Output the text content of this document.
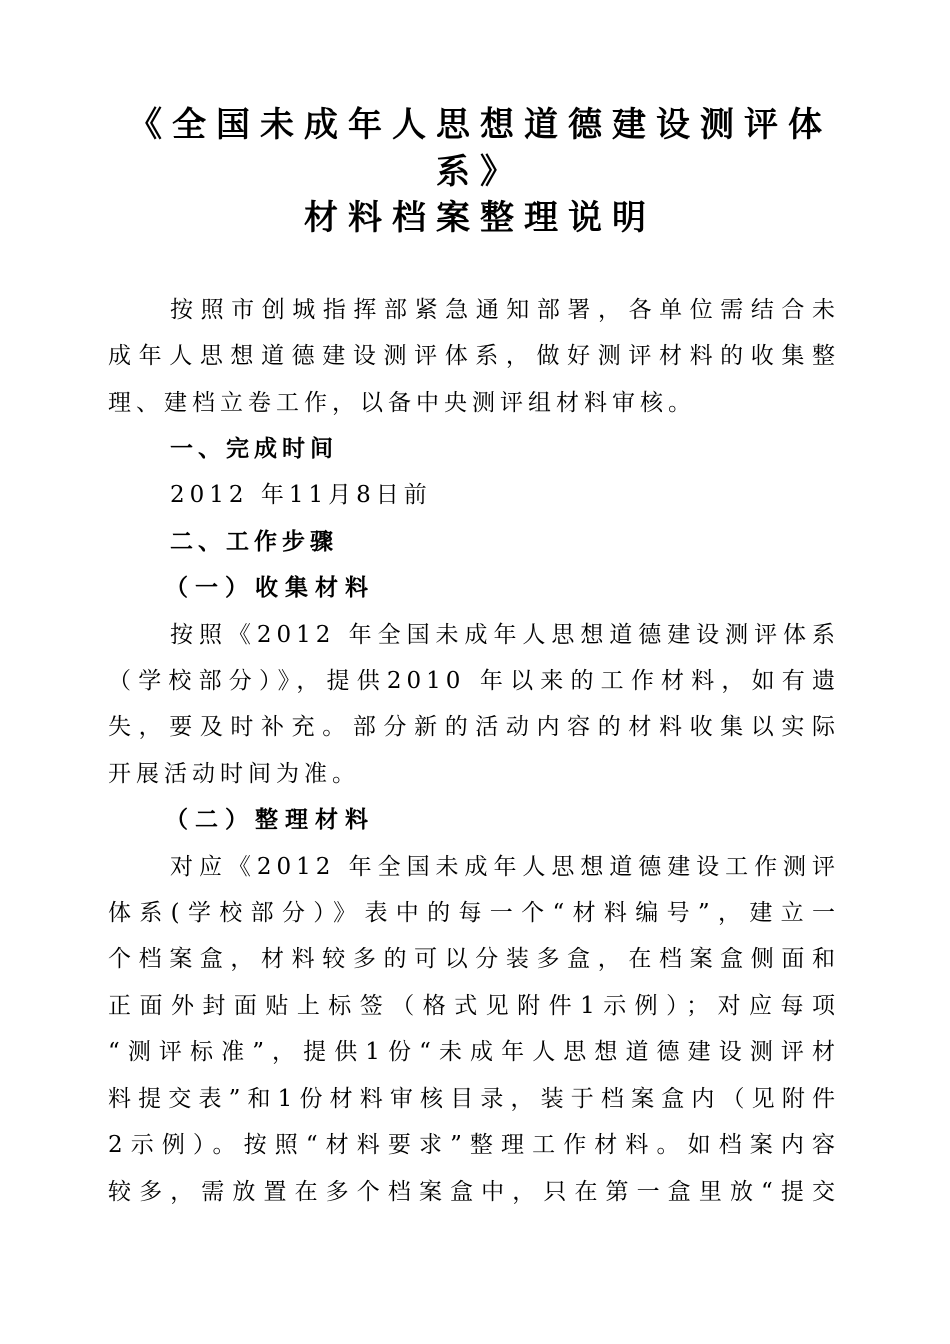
《全国未成年人思想道德建设测评体
系》
材料档案整理说明
按照市创城指挥部紧急通知部署，各单位需结合未
成年人思想道德建设测评体系，做好测评材料的收集整
理、建档立卷工作，以备中央测评组材料审核。
一、完成时间
2012 年11月8日前
二、工作步骤
（一）收集材料
按照《2012 年全国未成年人思想道德建设测评体系
（学校部分）》，提供2010 年以来的工作材料，如有遗
失，要及时补充。部分新的活动内容的材料收集以实际
开展活动时间为准。
（二）整理材料
对应《2012 年全国未成年人思想道德建设工作测评
体系(学校部分）》表中的每一个“材料编号”，建立一
个档案盒，材料较多的可以分装多盒，在档案盒侧面和
正面外封面贴上标签（格式见附件1示例）；对应每项
“测评标准”，提供1份“未成年人思想道德建设测评材
料提交表”和1份材料审核目录，装于档案盒内（见附件
2示例）。按照“材料要求”整理工作材料。如档案内容
较多，需放置在多个档案盒中，只在第一盒里放“提交
